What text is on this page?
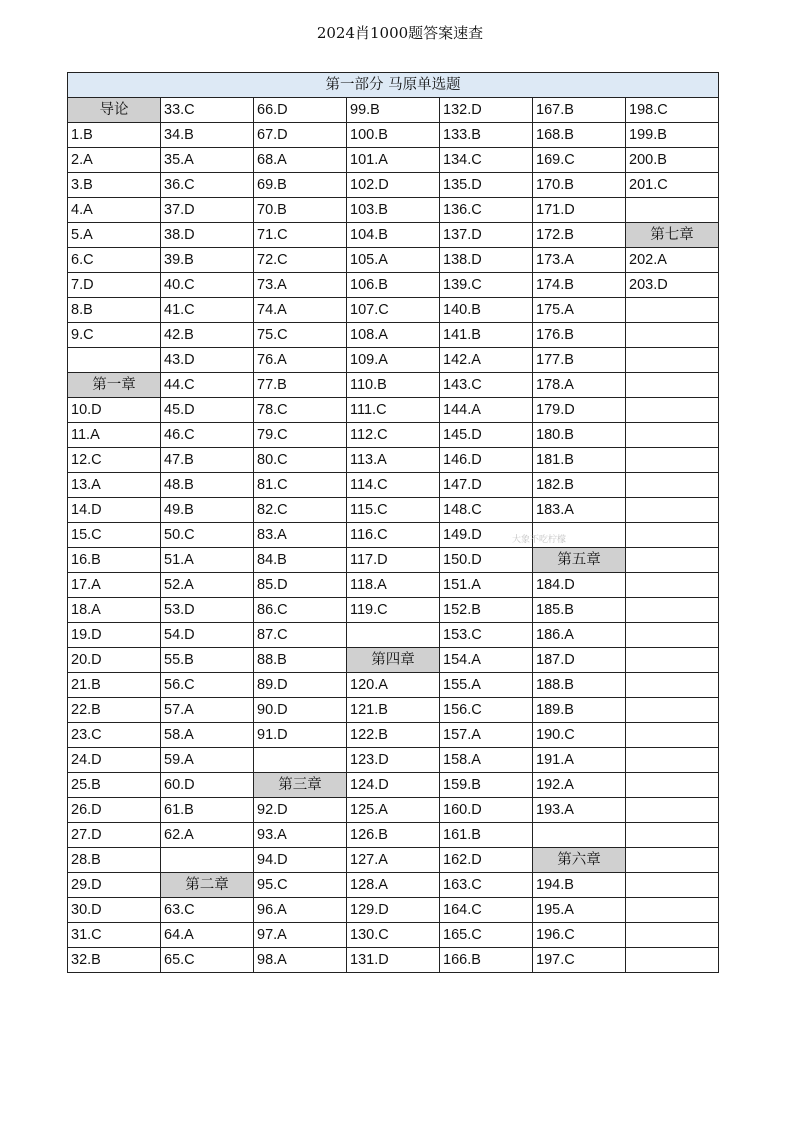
2024肖1000题答案速查
第一部分 马原单选题						
导论	33.C	66.D	99.B	132.D	167.B	198.C
1.B	34.B	67.D	100.B	133.B	168.B	199.B
2.A	35.A	68.A	101.A	134.C	169.C	200.B
3.B	36.C	69.B	102.D	135.D	170.B	201.C
4.A	37.D	70.B	103.B	136.C	171.D	
5.A	38.D	71.C	104.B	137.D	172.B	第七章
6.C	39.B	72.C	105.A	138.D	173.A	202.A
7.D	40.C	73.A	106.B	139.C	174.B	203.D
8.B	41.C	74.A	107.C	140.B	175.A	
9.C	42.B	75.C	108.A	141.B	176.B	
	43.D	76.A	109.A	142.A	177.B	
第一章	44.C	77.B	110.B	143.C	178.A	
10.D	45.D	78.C	111.C	144.A	179.D	
11.A	46.C	79.C	112.C	145.D	180.B	
12.C	47.B	80.C	113.A	146.D	181.B	
13.A	48.B	81.C	114.C	147.D	182.B	
14.D	49.B	82.C	115.C	148.C	183.A	
15.C	50.C	83.A	116.C	149.D		
16.B	51.A	84.B	117.D	150.D	第五章	
17.A	52.A	85.D	118.A	151.A	184.D	
18.A	53.D	86.C	119.C	152.B	185.B	
19.D	54.D	87.C		153.C	186.A	
20.D	55.B	88.B	第四章	154.A	187.D	
21.B	56.C	89.D	120.A	155.A	188.B	
22.B	57.A	90.D	121.B	156.C	189.B	
23.C	58.A	91.D	122.B	157.A	190.C	
24.D	59.A		123.D	158.A	191.A	
25.B	60.D	第三章	124.D	159.B	192.A	
26.D	61.B	92.D	125.A	160.D	193.A	
27.D	62.A	93.A	126.B	161.B		
28.B		94.D	127.A	162.D	第六章	
29.D	第二章	95.C	128.A	163.C	194.B	
30.D	63.C	96.A	129.D	164.C	195.A	
31.C	64.A	97.A	130.C	165.C	196.C	
32.B	65.C	98.A	131.D	166.B	197.C	
大象不吃柠檬
